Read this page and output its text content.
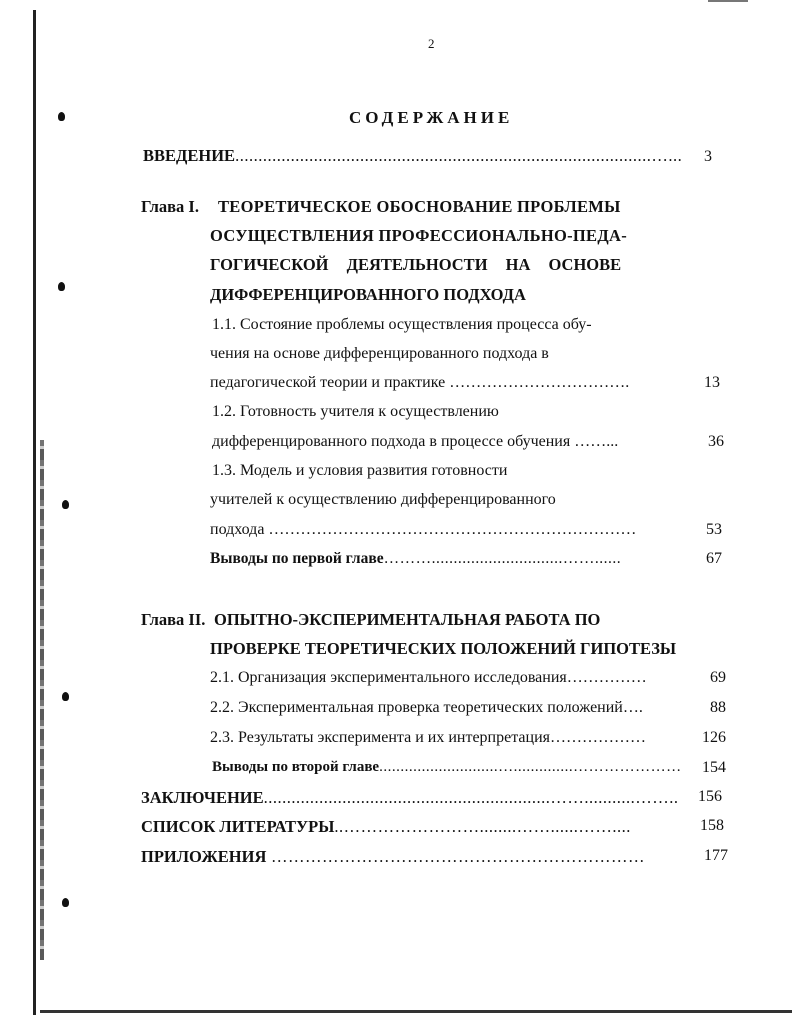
2
СОДЕРЖАНИЕ
ВВЕДЕНИЕ..........................................................................................…...	3
Глава I. ТЕОРЕТИЧЕСКОЕ ОБОСНОВАНИЕ ПРОБЛЕМЫ
ОСУЩЕСТВЛЕНИЯ ПРОФЕССИОНАЛЬНО-ПЕДА-
ГОГИЧЕСКОЙ ДЕЯТЕЛЬНОСТИ НА ОСНОВЕ
ДИФФЕРЕНЦИРОВАННОГО ПОДХОДА
1.1. Состояние проблемы осуществления процесса обу-
чения на основе дифференцированного подхода в
педагогической теории и практике …………………………….	13
1.2. Готовность учителя к осуществлению
дифференцированного подхода в процессе обучения ……...	36
1.3. Модель и условия развития готовности
учителей к осуществлению дифференцированного
подхода ……………………………………………………………	53
Выводы по первой главе………..............................……......	67
Глава II. ОПЫТНО-ЭКСПЕРИМЕНТАЛЬНАЯ РАБОТА ПО
ПРОВЕРКЕ ТЕОРЕТИЧЕСКИХ ПОЛОЖЕНИЙ ГИПОТЕЗЫ
2.1. Организация экспериментального исследования……………	69
2.2. Экспериментальная проверка теоретических положений….	88
2.3. Результаты эксперимента и их интерпретация………………	126
Выводы по второй главе............................…..............…………………	154
ЗАКЛЮЧЕНИЕ..............................................................……...........……..	156
СПИСОК ЛИТЕРАТУРЫ..……………………........……......……....	158
ПРИЛОЖЕНИЯ …………………………………………………………	177
